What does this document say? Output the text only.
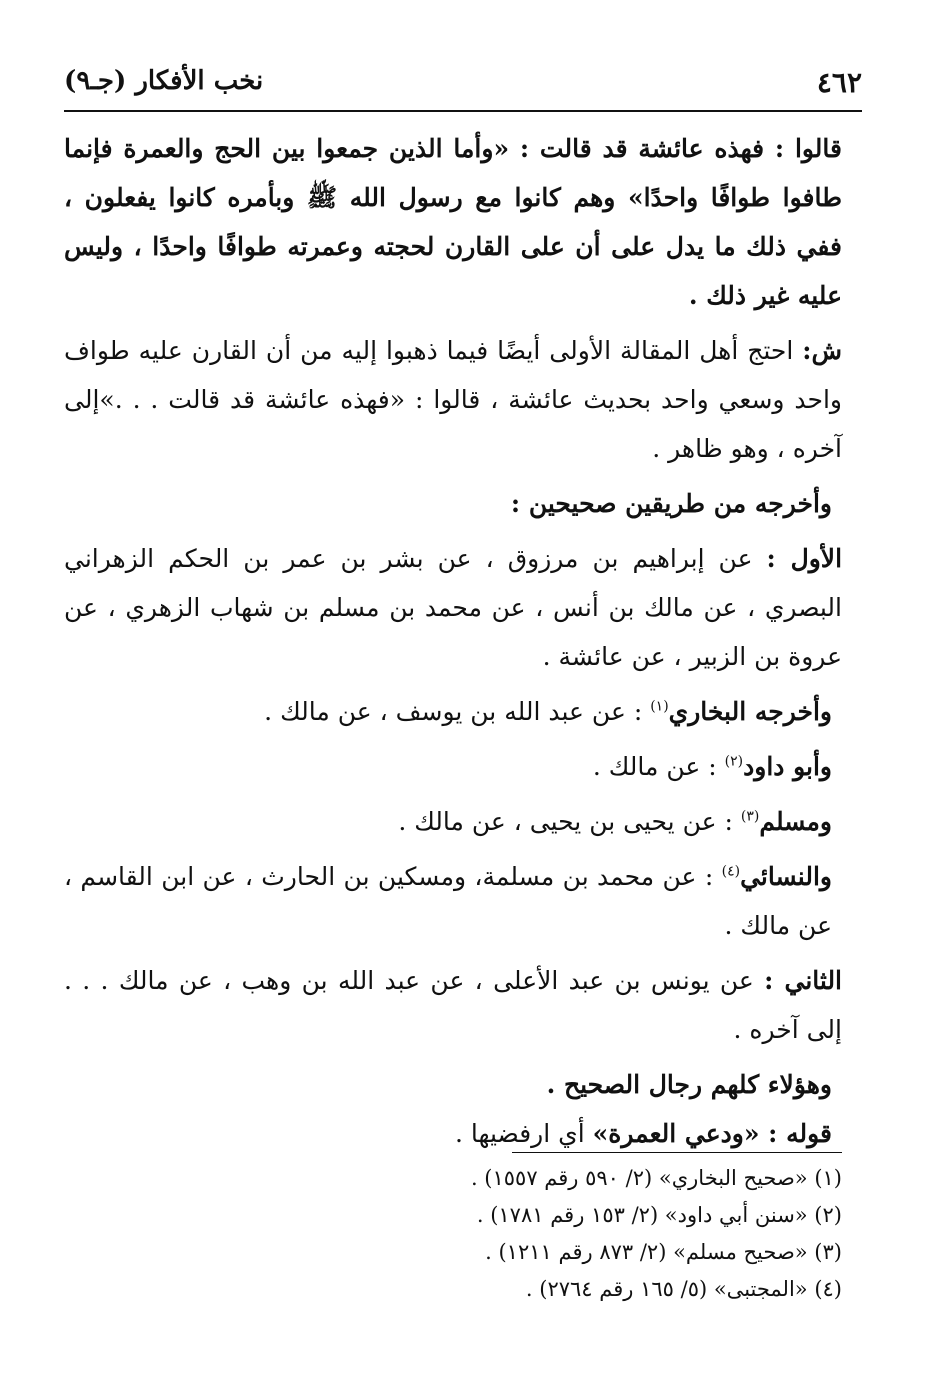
٤٦٢
نخب الأفكار (جـ٩)

قالوا : فهذه عائشة قد قالت : «وأما الذين جمعوا بين الحج والعمرة فإنما طافوا طوافًا واحدًا» وهم كانوا مع رسول الله ﷺ وبأمره كانوا يفعلون ، ففي ذلك ما يدل على أن على القارن لحجته وعمرته طوافًا واحدًا ، وليس عليه غير ذلك .

ش: احتج أهل المقالة الأولى أيضًا فيما ذهبوا إليه من أن القارن عليه طواف واحد وسعي واحد بحديث عائشة ، قالوا : «فهذه عائشة قد قالت . . .»إلى آخره ، وهو ظاهر .

وأخرجه من طريقين صحيحين :

الأول : عن إبراهيم بن مرزوق ، عن بشر بن عمر بن الحكم الزهراني البصري ، عن مالك بن أنس ، عن محمد بن مسلم بن شهاب الزهري ، عن عروة بن الزبير ، عن عائشة .

وأخرجه البخاري$^{(١)}$ : عن عبد الله بن يوسف ، عن مالك .

وأبو داود$^{(٢)}$ : عن مالك .

ومسلم$^{(٣)}$ : عن يحيى بن يحيى ، عن مالك .

والنسائي$^{(٤)}$ : عن محمد بن مسلمة، ومسكين بن الحارث ، عن ابن القاسم ، عن مالك .

الثاني : عن يونس بن عبد الأعلى ، عن عبد الله بن وهب ، عن مالك . . . إلى آخره .

وهؤلاء كلهم رجال الصحيح .

قوله : «ودعي العمرة» أي ارفضيها .

(١) «صحيح البخاري» (٢/ ٥٩٠ رقم ١٥٥٧) .
(٢) «سنن أبي داود» (٢/ ١٥٣ رقم ١٧٨١) .
(٣) «صحيح مسلم» (٢/ ٨٧٣ رقم ١٢١١) .
(٤) «المجتبى» (٥/ ١٦٥ رقم ٢٧٦٤) .
